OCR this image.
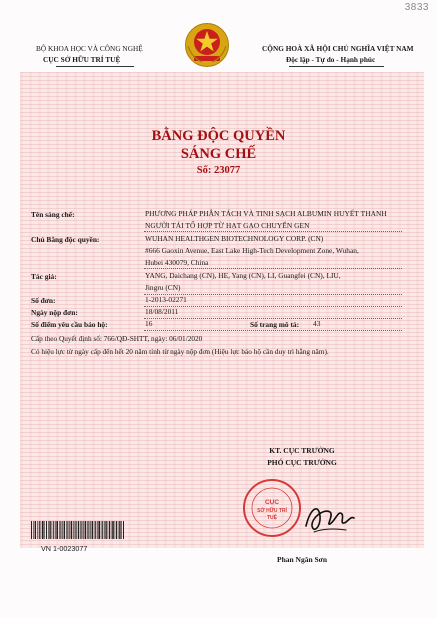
3833
BỘ KHOA HỌC VÀ CÔNG NGHỆ
CỤC SỞ HỮU TRÍ TUỆ
CỘNG HOÀ XÃ HỘI CHỦ NGHĨA VIỆT NAM
Độc lập - Tự do - Hạnh phúc
BẰNG ĐỘC QUYỀN
SÁNG CHẾ
Số: 23077
Tên sáng chế:	PHƯƠNG PHÁP PHÂN TÁCH VÀ TINH SẠCH ALBUMIN HUYẾT THANH
NGƯỜI TÁI TỔ HỢP TỪ HẠT GẠO CHUYỂN GEN
Chủ Bằng độc quyền:	WUHAN HEALTHGEN BIOTECHNOLOGY CORP. (CN)
#666 Gaoxin Avenue, East Lake High-Tech Development Zone, Wuhan,
Hubei 430079, China
Tác giả:	YANG, Daichang (CN), HE, Yang (CN), LI, Guangfei (CN), LIU,
Jingru (CN)
Số đơn:	1-2013-02271
Ngày nộp đơn:	18/08/2011
Số điểm yêu cầu bảo hộ:	16	Số trang mô tả: 43
Cấp theo Quyết định số: 766/QĐ-SHTT, ngày: 06/01/2020
Có hiệu lực từ ngày cấp đến hết 20 năm tính từ ngày nộp đơn (Hiệu lực bảo hộ cần duy trì hằng năm).
KT. CỤC TRƯỞNG
PHÓ CỤC TRƯỞNG
CỤC
SỞ HỮU TRÍ
TUỆ
Phan Ngân Sơn
VN 1-0023077
